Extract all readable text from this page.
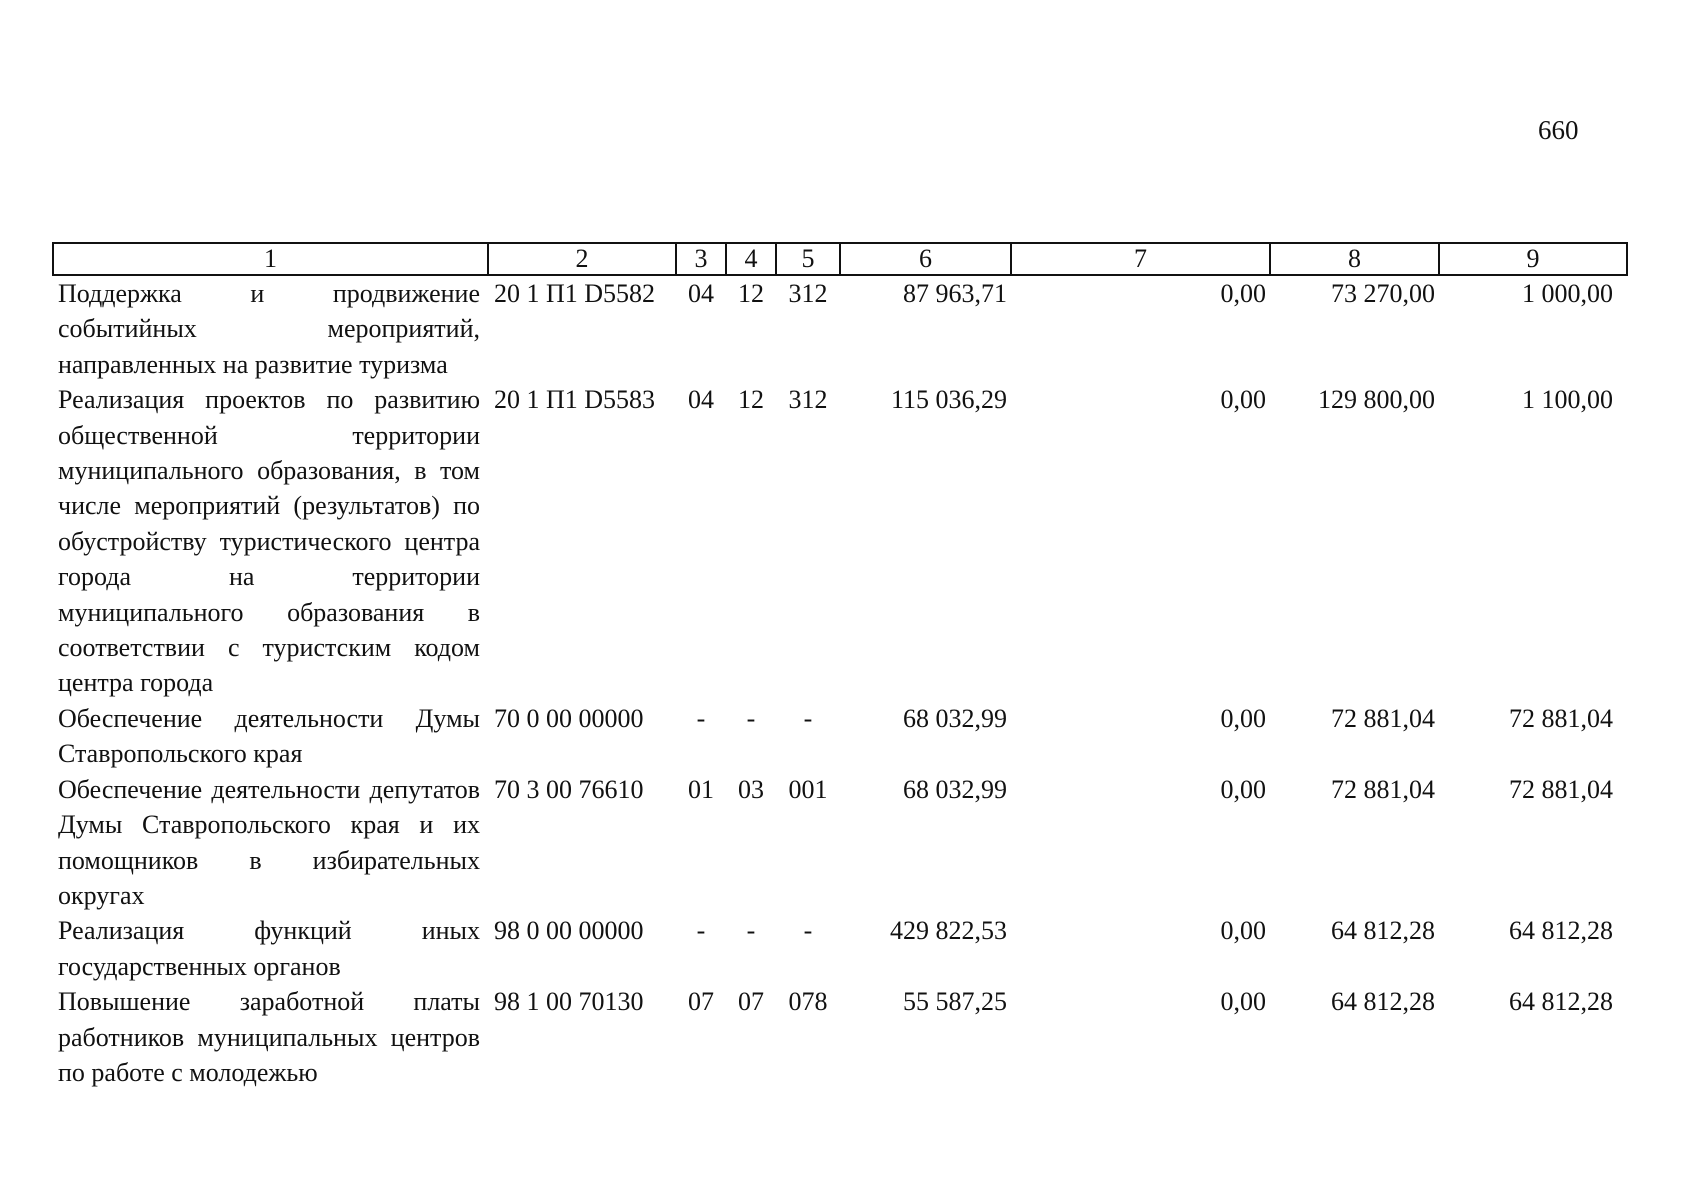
660
1	2	3	4	5	6	7	8	9
Поддержка и продвижение событийных мероприятий, направленных на развитие туризма	20 1 П1 D5582	04	12	312	87 963,71	0,00	73 270,00	1 000,00
Реализация проектов по развитию общественной территории муниципального образования, в том числе мероприятий (результатов) по обустройству туристического центра города на территории муниципального образования в соответствии с туристским кодом центра города	20 1 П1 D5583	04	12	312	115 036,29	0,00	129 800,00	1 100,00
Обеспечение деятельности Думы Ставропольского края	70 0 00 00000	-	-	-	68 032,99	0,00	72 881,04	72 881,04
Обеспечение деятельности депутатов Думы Ставропольского края и их помощников в избирательных округах	70 3 00 76610	01	03	001	68 032,99	0,00	72 881,04	72 881,04
Реализация функций иных государственных органов	98 0 00 00000	-	-	-	429 822,53	0,00	64 812,28	64 812,28
Повышение заработной платы работников муниципальных центров по работе с молодежью	98 1 00 70130	07	07	078	55 587,25	0,00	64 812,28	64 812,28
